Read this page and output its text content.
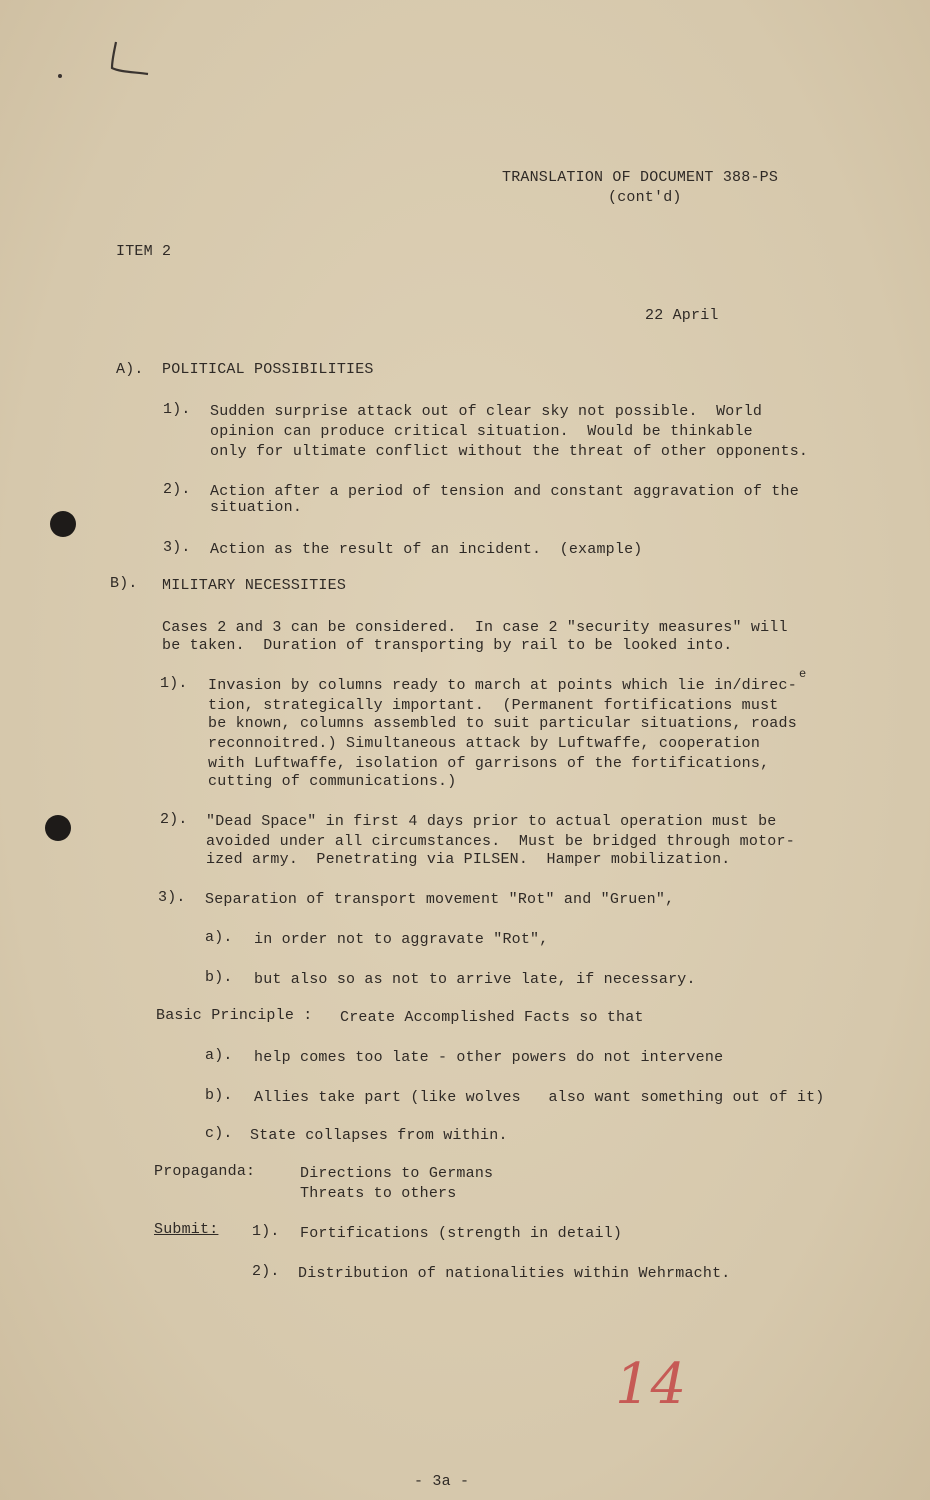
TRANSLATION OF DOCUMENT 388-PS
(cont'd)
ITEM 2
22 April
A). POLITICAL POSSIBILITIES
1). Sudden surprise attack out of clear sky not possible.  World
opinion can produce critical situation.  Would be thinkable
only for ultimate conflict without the threat of other opponents.
2). Action after a period of tension and constant aggravation of the
situation.
3). Action as the result of an incident.  (example)
B). MILITARY NECESSITIES
Cases 2 and 3 can be considered.  In case 2 "security measures" will
be taken.  Duration of transporting by rail to be looked into.
e
1). Invasion by columns ready to march at points which lie in/direc-
tion, strategically important.  (Permanent fortifications must
be known, columns assembled to suit particular situations, roads
reconnoitred.) Simultaneous attack by Luftwaffe, cooperation
with Luftwaffe, isolation of garrisons of the fortifications,
cutting of communications.)
2). "Dead Space" in first 4 days prior to actual operation must be
avoided under all circumstances.  Must be bridged through motor-
ized army.  Penetrating via PILSEN.  Hamper mobilization.
3). Separation of transport movement "Rot" and "Gruen",
a). in order not to aggravate "Rot",
b). but also so as not to arrive late, if necessary.
Basic Principle : Create Accomplished Facts so that
a). help comes too late - other powers do not intervene
b). Allies take part (like wolves   also want something out of it)
c). State collapses from within.
Propaganda:	Directions to Germans
Threats to others
Submit: 1). Fortifications (strength in detail)
2). Distribution of nationalities within Wehrmacht.
14
- 3a -
